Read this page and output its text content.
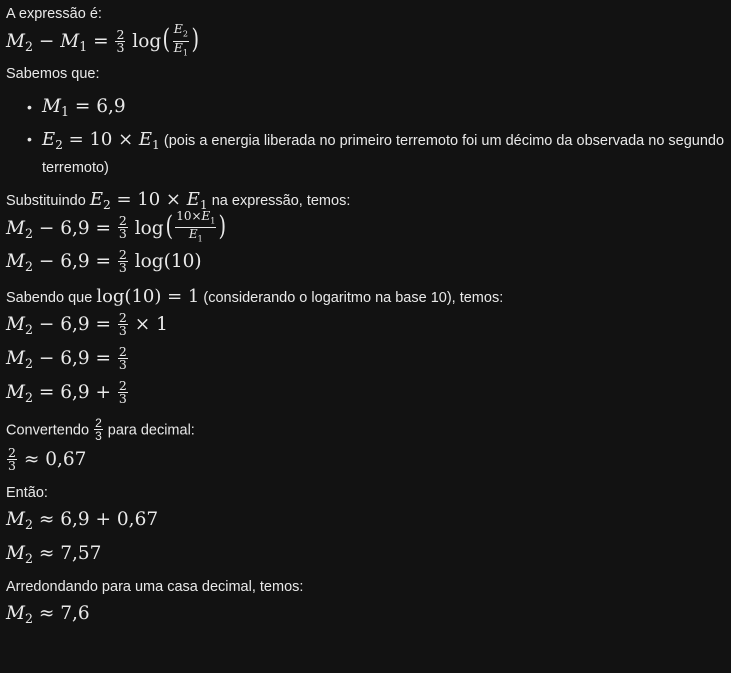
A expressão é:
$M_2 - M_1 = \frac{2}{3} \log( \frac{E_2}{E_1}$ )
Sabemos que:
• $M_1 = 6,9$
• $E_2 = 10 \times E_1$ (pois a energia liberada no primeiro terremoto foi um décimo da observada no segundo terremoto)
Substituindo $E_2 = 10 \times E_1$ na expressão, temos:
$M_2 - 6,9 = \frac{2}{3} \log( \frac{10\times E_1}{E_1}$ )
$M_2 - 6,9 = \frac{2}{3} \log(10)$
Sabendo que log(10) = 1 (considerando o logaritmo na base 10), temos:
$M_2 - 6,9 = \frac{2}{3} \times 1$
$M_2 - 6,9 = \frac{2}{3}$
$M_2 = 6,9 + \frac{2}{3}$
Convertendo $\frac{2}{3}$ para decimal:
$\frac{2}{3} \approx 0,67$
Então:
$M_2 \approx 6,9 + 0,67$
$M_2 \approx 7,57$
Arredondando para uma casa decimal, temos:
$M_2 \approx 7,6$
